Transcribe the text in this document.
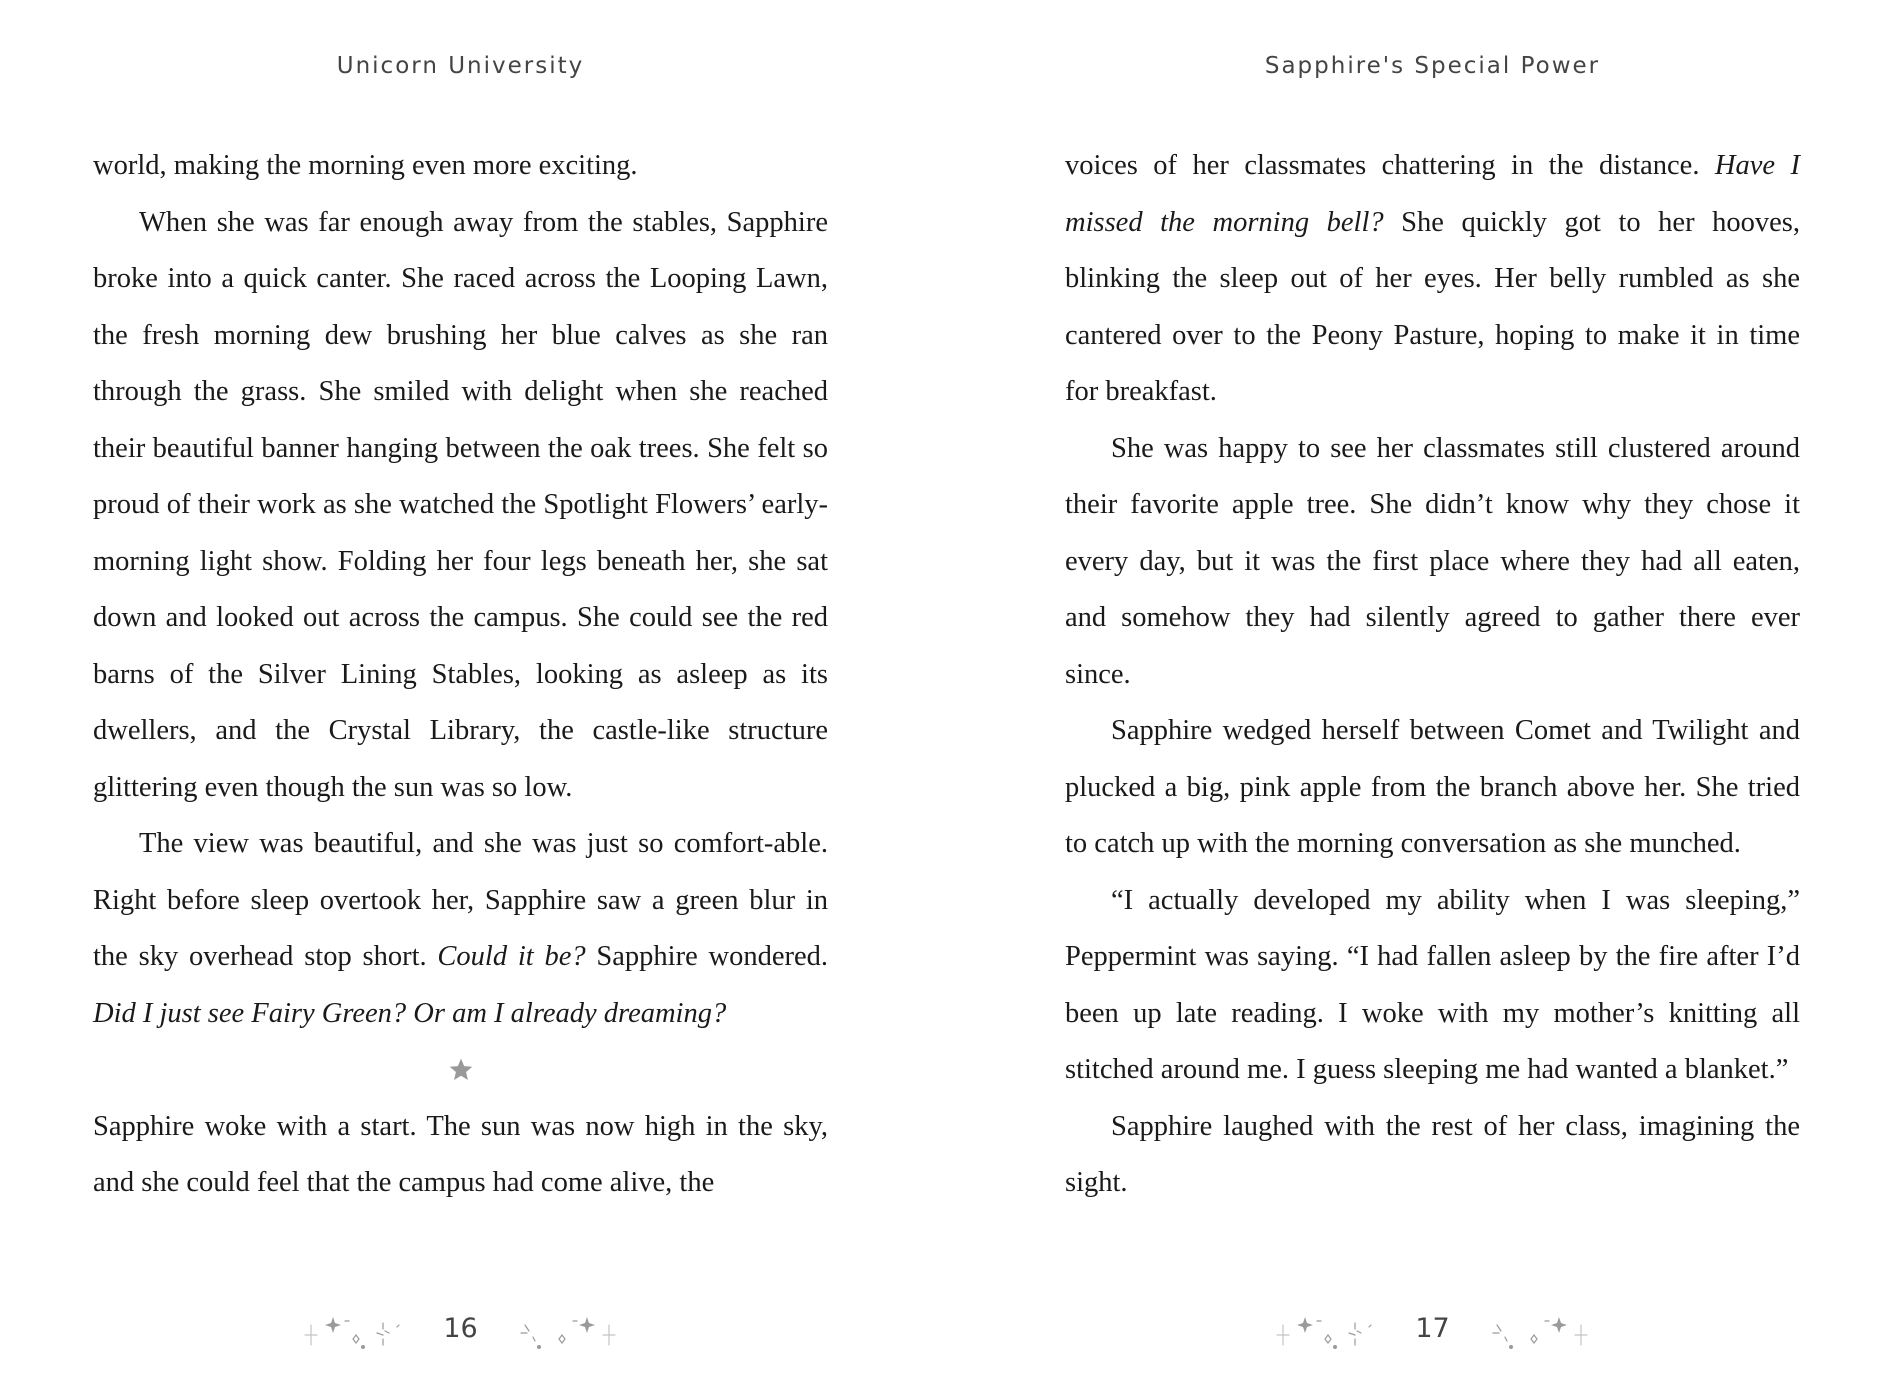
Unicorn University

world, making the morning even more exciting.

When she was far enough away from the stables, Sapphire broke into a quick canter. She raced across the Looping Lawn, the fresh morning dew brushing her blue calves as she ran through the grass. She smiled with delight when she reached their beautiful banner hanging between the oak trees. She felt so proud of their work as she watched the Spotlight Flowers’ early-morning light show. Folding her four legs beneath her, she sat down and looked out across the campus. She could see the red barns of the Silver Lining Stables, looking as asleep as its dwellers, and the Crystal Library, the castle-like structure glittering even though the sun was so low.

The view was beautiful, and she was just so comfort-able. Right before sleep overtook her, Sapphire saw a green blur in the sky overhead stop short. Could it be? Sapphire wondered. Did I just see Fairy Green? Or am I already dreaming?

Sapphire woke with a start. The sun was now high in the sky, and she could feel that the campus had come alive, the

16
Sapphire's Special Power

voices of her classmates chattering in the distance. Have I missed the morning bell? She quickly got to her hooves, blinking the sleep out of her eyes. Her belly rumbled as she cantered over to the Peony Pasture, hoping to make it in time for breakfast.

She was happy to see her classmates still clustered around their favorite apple tree. She didn’t know why they chose it every day, but it was the first place where they had all eaten, and somehow they had silently agreed to gather there ever since.

Sapphire wedged herself between Comet and Twilight and plucked a big, pink apple from the branch above her. She tried to catch up with the morning conversation as she munched.

“I actually developed my ability when I was sleeping,” Peppermint was saying. “I had fallen asleep by the fire after I’d been up late reading. I woke with my mother’s knitting all stitched around me. I guess sleeping me had wanted a blanket.”

Sapphire laughed with the rest of her class, imagining the sight.

17
